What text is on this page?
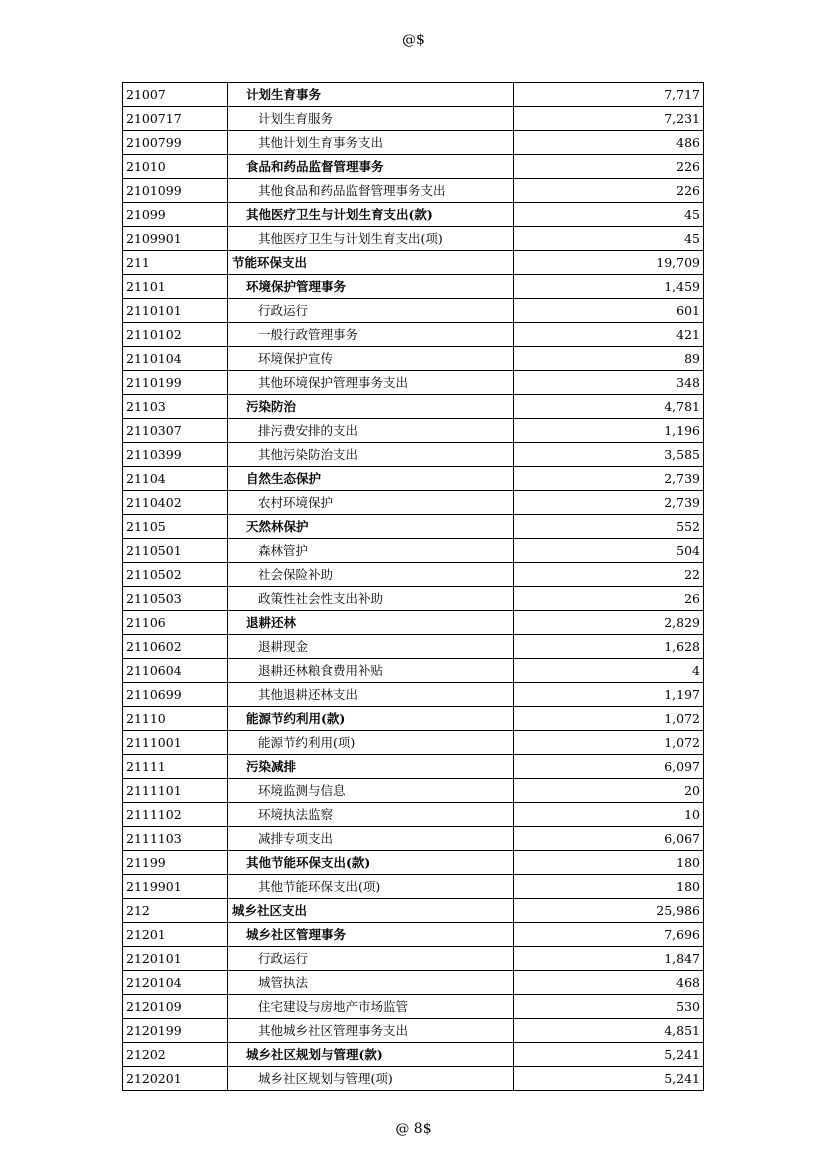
@$
21007	计划生育事务	7,717
2100717	计划生育服务	7,231
2100799	其他计划生育事务支出	486
21010	食品和药品监督管理事务	226
2101099	其他食品和药品监督管理事务支出	226
21099	其他医疗卫生与计划生育支出(款)	45
2109901	其他医疗卫生与计划生育支出(项)	45
211	节能环保支出	19,709
21101	环境保护管理事务	1,459
2110101	行政运行	601
2110102	一般行政管理事务	421
2110104	环境保护宣传	89
2110199	其他环境保护管理事务支出	348
21103	污染防治	4,781
2110307	排污费安排的支出	1,196
2110399	其他污染防治支出	3,585
21104	自然生态保护	2,739
2110402	农村环境保护	2,739
21105	天然林保护	552
2110501	森林管护	504
2110502	社会保险补助	22
2110503	政策性社会性支出补助	26
21106	退耕还林	2,829
2110602	退耕现金	1,628
2110604	退耕还林粮食费用补贴	4
2110699	其他退耕还林支出	1,197
21110	能源节约利用(款)	1,072
2111001	能源节约利用(项)	1,072
21111	污染减排	6,097
2111101	环境监测与信息	20
2111102	环境执法监察	10
2111103	减排专项支出	6,067
21199	其他节能环保支出(款)	180
2119901	其他节能环保支出(项)	180
212	城乡社区支出	25,986
21201	城乡社区管理事务	7,696
2120101	行政运行	1,847
2120104	城管执法	468
2120109	住宅建设与房地产市场监管	530
2120199	其他城乡社区管理事务支出	4,851
21202	城乡社区规划与管理(款)	5,241
2120201	城乡社区规划与管理(项)	5,241
@ 8$
